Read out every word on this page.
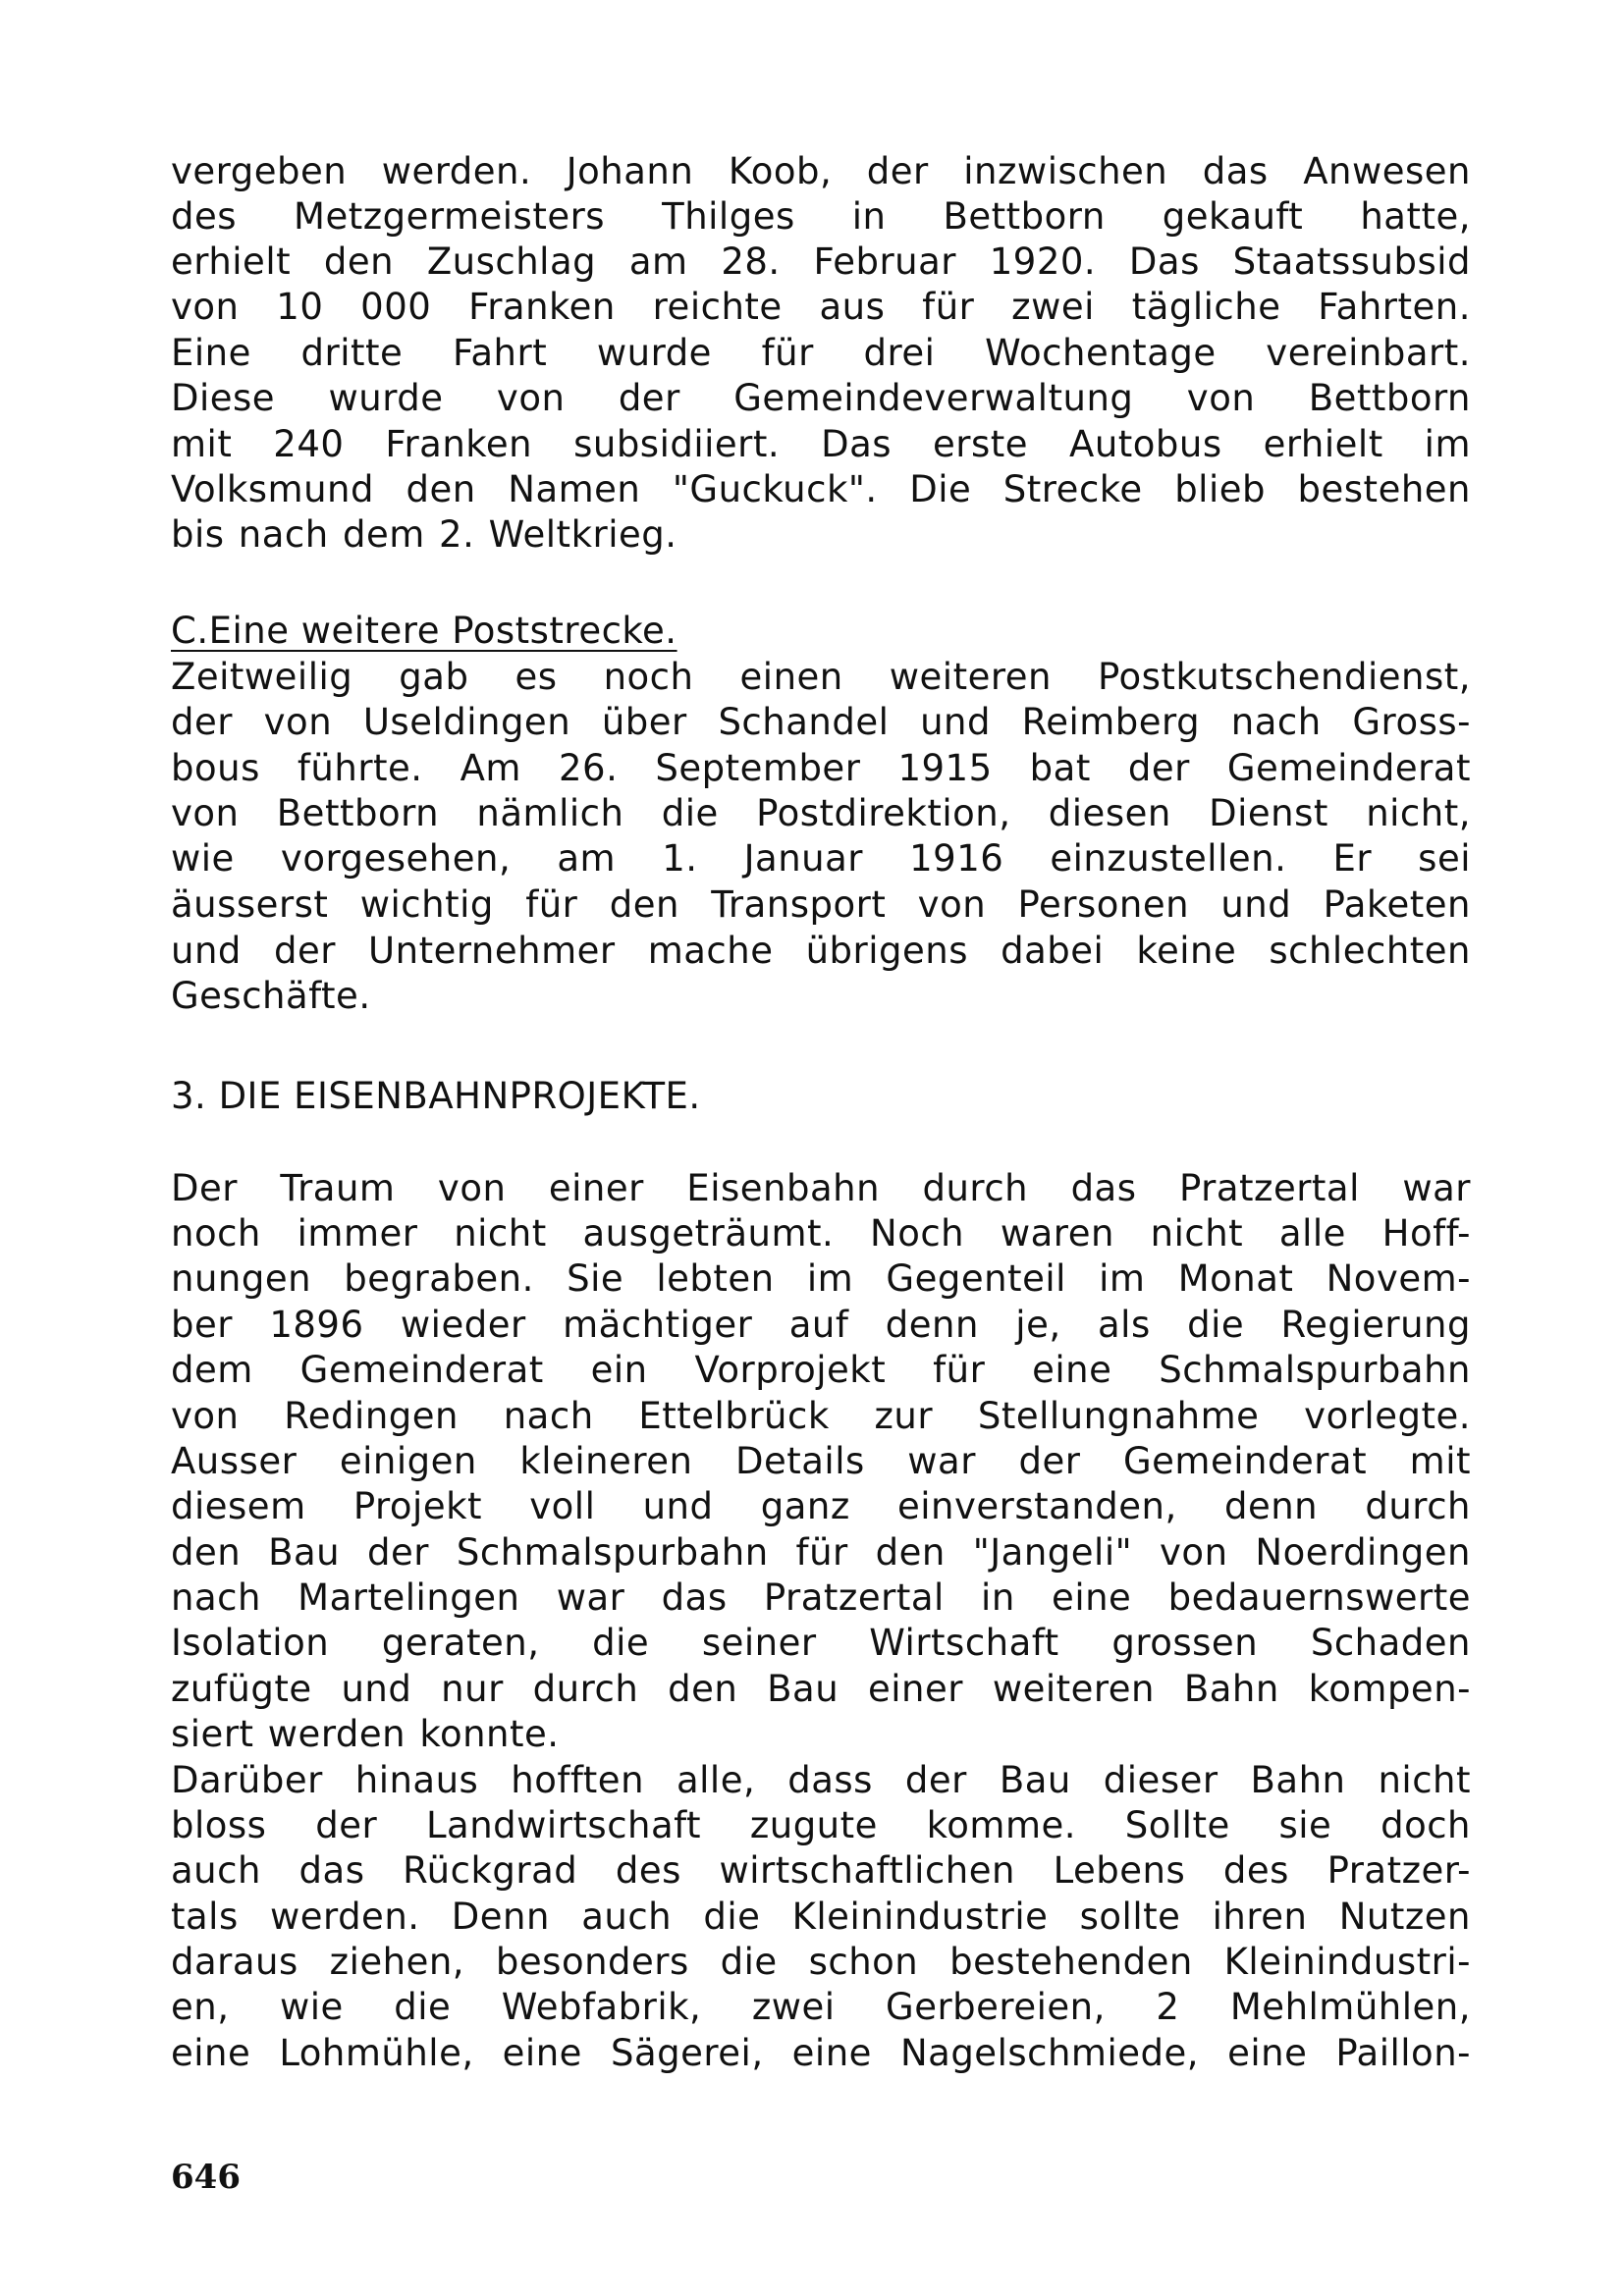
vergeben werden. Johann Koob, der inzwischen das Anwesen

des Metzgermeisters Thilges in Bettborn gekauft hatte,

erhielt den Zuschlag am 28. Februar 1920. Das Staatssubsid

von 10 000 Franken reichte aus für zwei tägliche Fahrten.

Eine dritte Fahrt wurde für drei Wochentage vereinbart.

Diese wurde von der Gemeindeverwaltung von Bettborn

mit 240 Franken subsidiiert. Das erste Autobus erhielt im

Volksmund den Namen "Guckuck". Die Strecke blieb bestehen

bis nach dem 2. Weltkrieg.

C.Eine weitere Poststrecke.

Zeitweilig gab es noch einen weiteren Postkutschendienst,

der von Useldingen über Schandel und Reimberg nach Gross-

bous führte. Am 26. September 1915 bat der Gemeinderat

von Bettborn nämlich die Postdirektion, diesen Dienst nicht,

wie vorgesehen, am 1. Januar 1916 einzustellen. Er sei

äusserst wichtig für den Transport von Personen und Paketen

und der Unternehmer mache übrigens dabei keine schlechten

Geschäfte.

3. DIE EISENBAHNPROJEKTE.

Der Traum von einer Eisenbahn durch das Pratzertal war

noch immer nicht ausgeträumt. Noch waren nicht alle Hoff-

nungen begraben. Sie lebten im Gegenteil im Monat Novem-

ber 1896 wieder mächtiger auf denn je, als die Regierung

dem Gemeinderat ein Vorprojekt für eine Schmalspurbahn

von Redingen nach Ettelbrück zur Stellungnahme vorlegte.

Ausser einigen kleineren Details war der Gemeinderat mit

diesem Projekt voll und ganz einverstanden, denn durch

den Bau der Schmalspurbahn für den "Jangeli" von Noerdingen

nach Martelingen war das Pratzertal in eine bedauernswerte

Isolation geraten, die seiner Wirtschaft grossen Schaden

zufügte und nur durch den Bau einer weiteren Bahn kompen-

siert werden konnte.

Darüber hinaus hofften alle, dass der Bau dieser Bahn nicht

bloss der Landwirtschaft zugute komme. Sollte sie doch

auch das Rückgrad des wirtschaftlichen Lebens des Pratzer-

tals werden. Denn auch die Kleinindustrie sollte ihren Nutzen

daraus ziehen, besonders die schon bestehenden Kleinindustri-

en, wie die Webfabrik, zwei Gerbereien, 2 Mehlmühlen,

eine Lohmühle, eine Sägerei, eine Nagelschmiede, eine Paillon-

646
